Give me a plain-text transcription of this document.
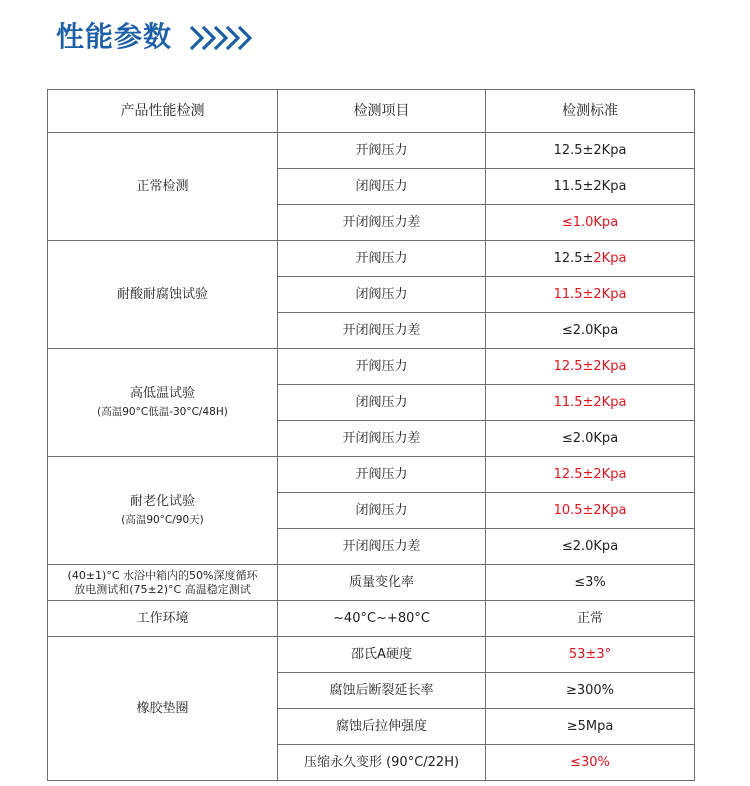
性能参数
产品性能检测	检测项目	检测标准
正常检测	开阀压力	12.5±2Kpa
	闭阀压力	11.5±2Kpa
	开闭阀压力差	≤1.0Kpa
耐酸耐腐蚀试验	开阀压力	12.5±2Kpa
	闭阀压力	11.5±2Kpa
	开闭阀压力差	≤2.0Kpa
高低温试验
(高温90°C低温-30°C/48H)	开阀压力	12.5±2Kpa
	闭阀压力	11.5±2Kpa
	开闭阀压力差	≤2.0Kpa
耐老化试验
(高温90°C/90天)	开阀压力	12.5±2Kpa
	闭阀压力	10.5±2Kpa
	开闭阀压力差	≤2.0Kpa

(40±1)°C 水浴中箱内的50%深度循环
放电测试和(75±2)°C 高温稳定测试	质量变化率	≤3%
工作环境	~40°C~+80°C	正常
橡胶垫圈	邵氏A硬度	53±3°
	腐蚀后断裂延长率	≥300%
	腐蚀后拉伸强度	≥5Mpa
	压缩永久变形 (90°C/22H)	≤30%
